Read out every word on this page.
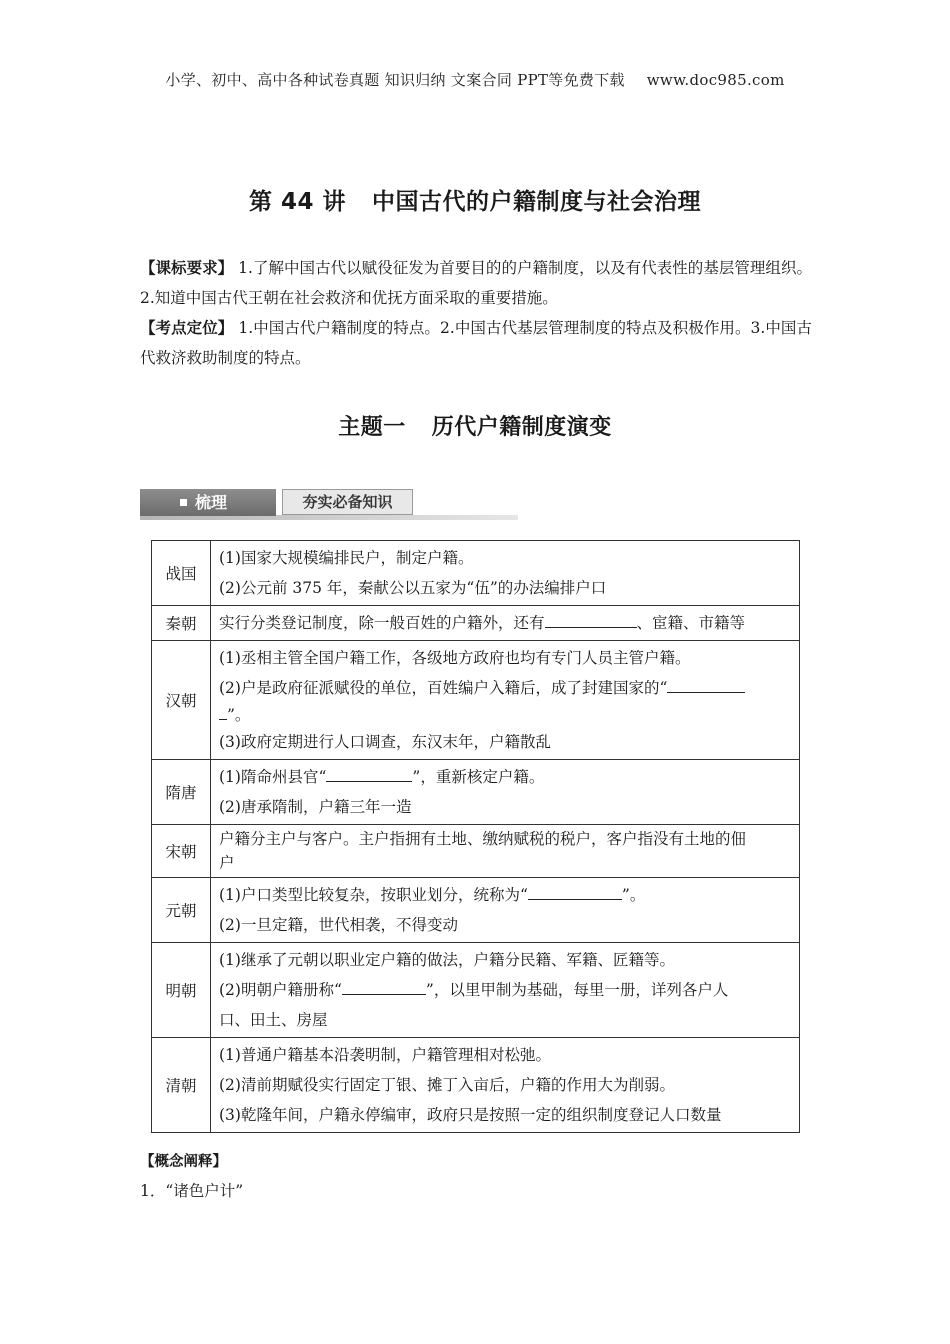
小学、初中、高中各种试卷真题 知识归纳 文案合同 PPT等免费下载 www.doc985.com
第 44 讲 中国古代的户籍制度与社会治理
【课标要求】 1.了解中国古代以赋役征发为首要目的的户籍制度，以及有代表性的基层管理组织。2.知道中国古代王朝在社会救济和优抚方面采取的重要措施。
【考点定位】 1.中国古代户籍制度的特点。2.中国古代基层管理制度的特点及积极作用。3.中国古代救济救助制度的特点。
主题一 历代户籍制度演变
梳理	夯实必备知识
战国	(1)国家大规模编排民户，制定户籍。
(2)公元前 375 年，秦献公以五家为“伍”的办法编排户口

秦朝	实行分类登记制度，除一般百姓的户籍外，还有 、宦籍、市籍等

汉朝	(1)丞相主管全国户籍工作，各级地方政府也均有专门人员主管户籍。
(2)户是政府征派赋役的单位，百姓编户入籍后，成了封建国家的“
”。
(3)政府定期进行人口调查，东汉末年，户籍散乱

隋唐	(1)隋命州县官“ ”，重新核定户籍。
(2)唐承隋制，户籍三年一造

宋朝	户籍分主户与客户。主户指拥有土地、缴纳赋税的税户，客户指没有土地的佃
户

元朝	(1)户口类型比较复杂，按职业划分，统称为“ ”。
(2)一旦定籍，世代相袭，不得变动

明朝	(1)继承了元朝以职业定户籍的做法，户籍分民籍、军籍、匠籍等。
(2)明朝户籍册称“ ”，以里甲制为基础，每里一册，详列各户人
口、田土、房屋

清朝	(1)普通户籍基本沿袭明制，户籍管理相对松弛。
(2)清前期赋役实行固定丁银、摊丁入亩后，户籍的作用大为削弱。
(3)乾隆年间，户籍永停编审，政府只是按照一定的组织制度登记人口数量
【概念阐释】
1．“诸色户计”
